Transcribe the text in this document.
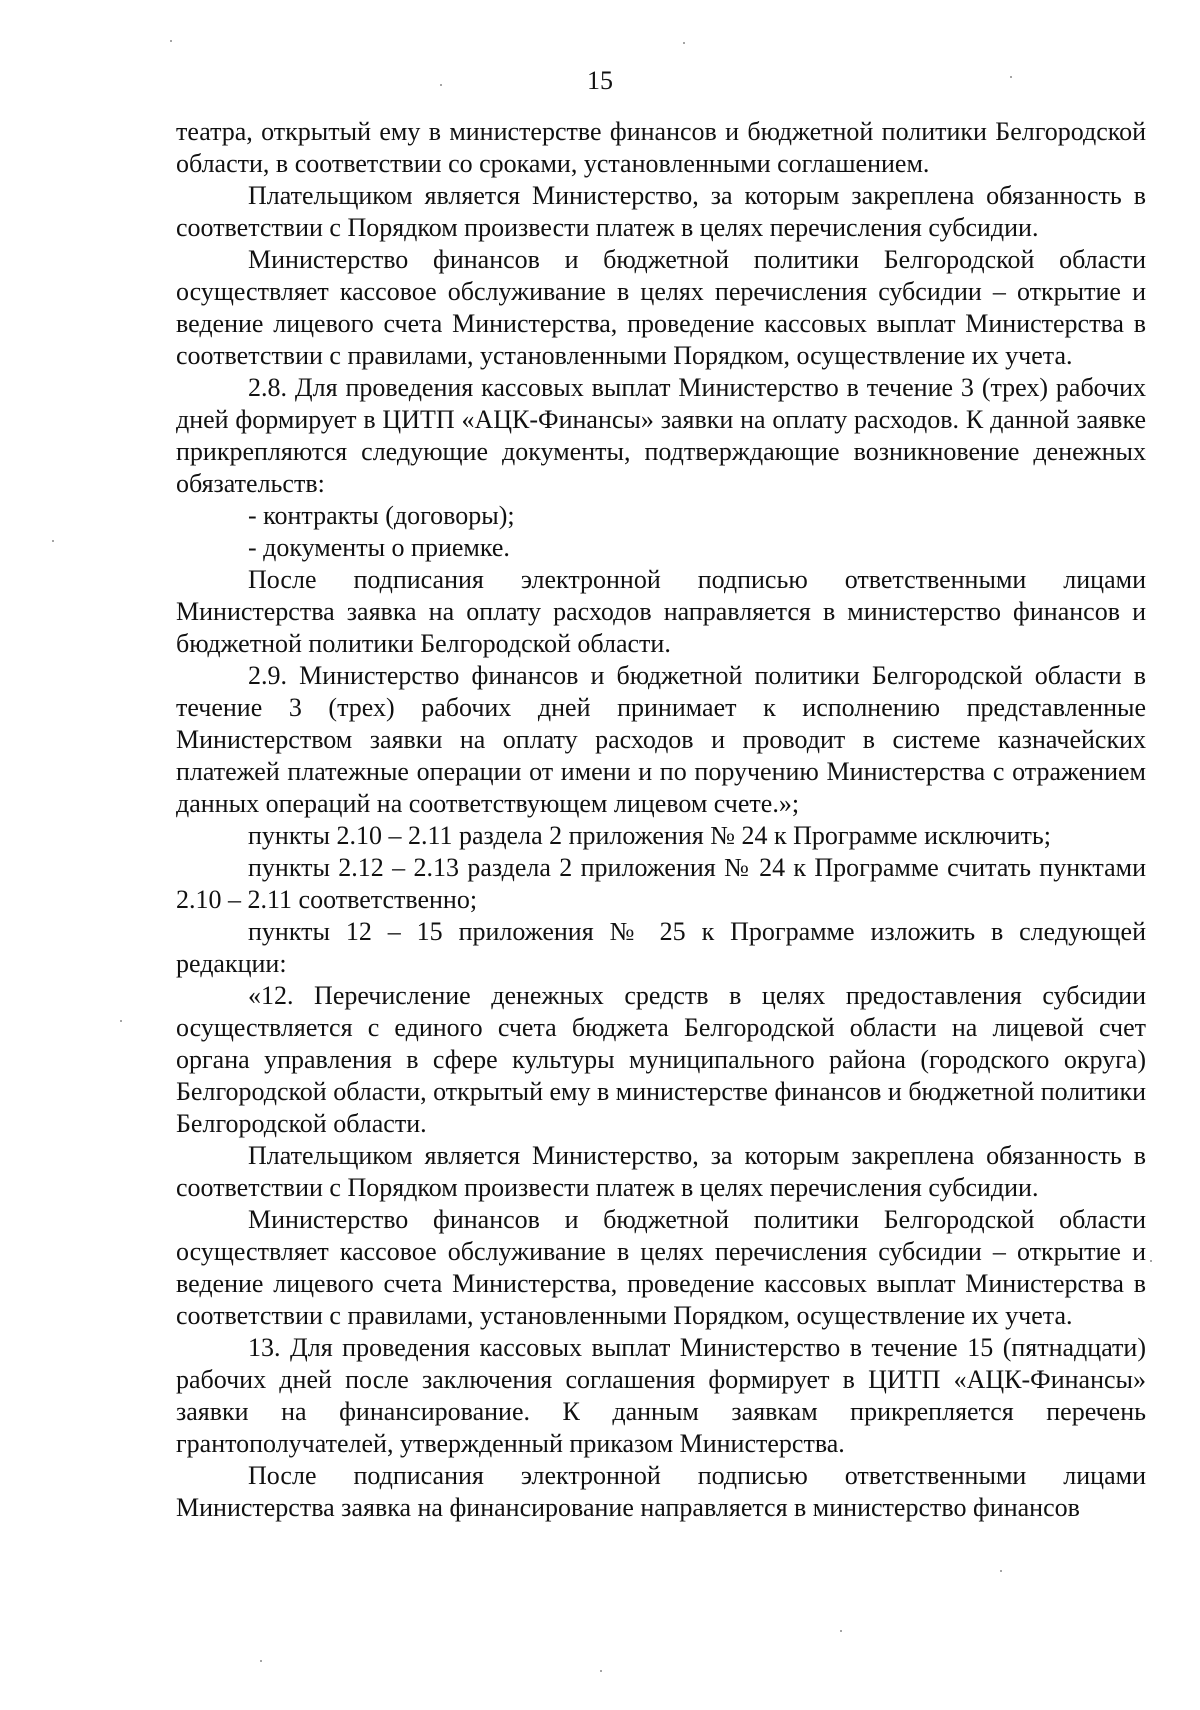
15

театра, открытый ему в министерстве финансов и бюджетной политики Белгородской области, в соответствии со сроками, установленными соглашением.

Плательщиком является Министерство, за которым закреплена обязанность в соответствии с Порядком произвести платеж в целях перечисления субсидии.

Министерство финансов и бюджетной политики Белгородской области осуществляет кассовое обслуживание в целях перечисления субсидии – открытие и ведение лицевого счета Министерства, проведение кассовых выплат Министерства в соответствии с правилами, установленными Порядком, осуществление их учета.

2.8. Для проведения кассовых выплат Министерство в течение 3 (трех) рабочих дней формирует в ЦИТП «АЦК-Финансы» заявки на оплату расходов. К данной заявке прикрепляются следующие документы, подтверждающие возникновение денежных обязательств:

- контракты (договоры);

- документы о приемке.

После подписания электронной подписью ответственными лицами Министерства заявка на оплату расходов направляется в министерство финансов и бюджетной политики Белгородской области.

2.9. Министерство финансов и бюджетной политики Белгородской области в течение 3 (трех) рабочих дней принимает к исполнению представленные Министерством заявки на оплату расходов и проводит в системе казначейских платежей платежные операции от имени и по поручению Министерства с отражением данных операций на соответствующем лицевом счете.»;

пункты 2.10 – 2.11 раздела 2 приложения № 24 к Программе исключить;

пункты 2.12 – 2.13 раздела 2 приложения № 24 к Программе считать пунктами 2.10 – 2.11 соответственно;

пункты 12 – 15 приложения № 25 к Программе изложить в следующей редакции:

«12. Перечисление денежных средств в целях предоставления субсидии осуществляется с единого счета бюджета Белгородской области на лицевой счет органа управления в сфере культуры муниципального района (городского округа) Белгородской области, открытый ему в министерстве финансов и бюджетной политики Белгородской области.

Плательщиком является Министерство, за которым закреплена обязанность в соответствии с Порядком произвести платеж в целях перечисления субсидии.

Министерство финансов и бюджетной политики Белгородской области осуществляет кассовое обслуживание в целях перечисления субсидии – открытие и ведение лицевого счета Министерства, проведение кассовых выплат Министерства в соответствии с правилами, установленными Порядком, осуществление их учета.

13. Для проведения кассовых выплат Министерство в течение 15 (пятнадцати) рабочих дней после заключения соглашения формирует в ЦИТП «АЦК-Финансы» заявки на финансирование. К данным заявкам прикрепляется перечень грантополучателей, утвержденный приказом Министерства.

После подписания электронной подписью ответственными лицами Министерства заявка на финансирование направляется в министерство финансов
